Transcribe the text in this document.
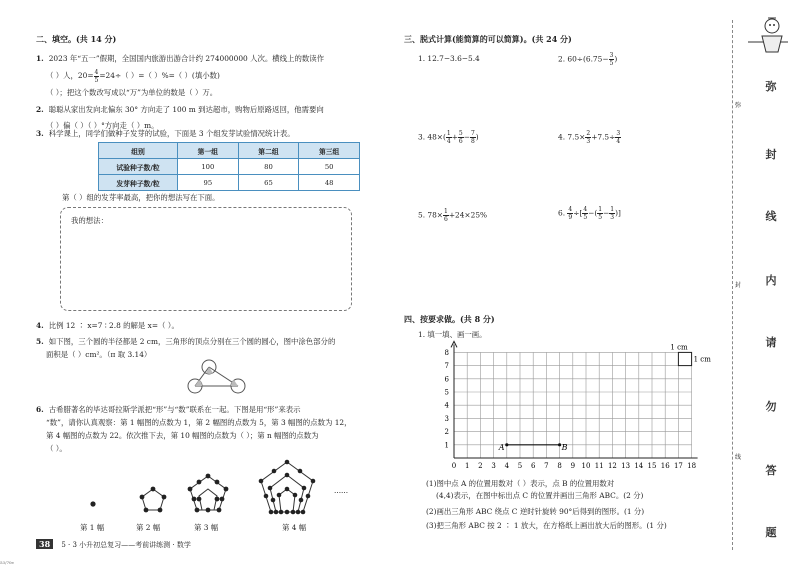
二、填空。(共 14 分)
1. 2023 年“五一”假期，全国国内旅游出游合计约 274000000 人次。横线上的数读作
（ ）人，$20= \frac{4}{5} =24\div$（ ）=（ ）%=（ ）(填小数)
（ ）；把这个数改写成以“万”为单位的数是（ ）万。
2. 聪聪从家出发向北偏东 30° 方向走了 100 m 到达超市，购物后原路返回，他需要向
（ ）偏（ ）（ ）°方向走（ ）m。
3. 科学课上，同学们做种子发芽的试验，下面是 3 个组发芽试验情况统计表。
组别	第一组	第二组	第三组
试验种子数/粒	100	80	50
发芽种子数/粒	95	65	48
第（ ）组的发芽率最高，把你的想法写在下面。
我的想法：
4. 比例 12 ∶ x=7 ∶ 2.8 的解是 x=（ ）。
5. 如下图，三个圆的半径都是 2 cm，三角形的顶点分别在三个圆的圆心，图中涂色部分的
面积是（ ）cm²。（π 取 3.14）
6. 古希腊著名的毕达哥拉斯学派把“形”与“数”联系在一起。下图是用“形”来表示
“数”，请你认真观察：第 1 幅图的点数为 1，第 2 幅图的点数为 5，第 3 幅图的点数为 12，
第 4 幅图的点数为 22。依次推下去，第 10 幅图的点数为（ ）；第 n 幅图的点数为
（ ）。
······
第 1 幅	第 2 幅	第 3 幅	第 4 幅
38 5 · 3 小升初总复习——考前讲练测 · 数学
53/70e
三、脱式计算(能简算的可以简算)。(共 24 分)
1. 12.7−3.6−5.4	2. $60\div(6.75- \frac{3}{5}$ )
3. $48\times( \frac{1}{4} + \frac{5}{6} - \frac{7}{8}$ )	4. $7.5\times \frac{2}{3} +7.5\div \frac{3}{4}$
5. $78\times \frac{1}{6} +24\times 25\%$	6. $\frac{4}{9}$ ÷[ $\frac{4}{5}$ −( $\frac{1}{5} - \frac{1}{3}$ )]
四、按要求做。(共 8 分)
1. 填一填、画一画。
0 1 2 3 4 5 6 7 8 9 10 11 12 13 14 15 16 17 18
1
2
3
4
5
6
7
8
A	B
1 cm
1 cm
(1)图中点 A 的位置用数对（ ）表示，点 B 的位置用数对
(4,4)表示，在图中标出点 C 的位置并画出三角形 ABC。(2 分)
(2)画出三角形 ABC 绕点 C 逆时针旋转 90°后得到的图形。(1 分)
(3)把三角形 ABC 按 2 ∶ 1 放大，在方格纸上画出放大后的图形。(1 分)
弥
封
线
内
请
勿
答
题
弥
封
线
